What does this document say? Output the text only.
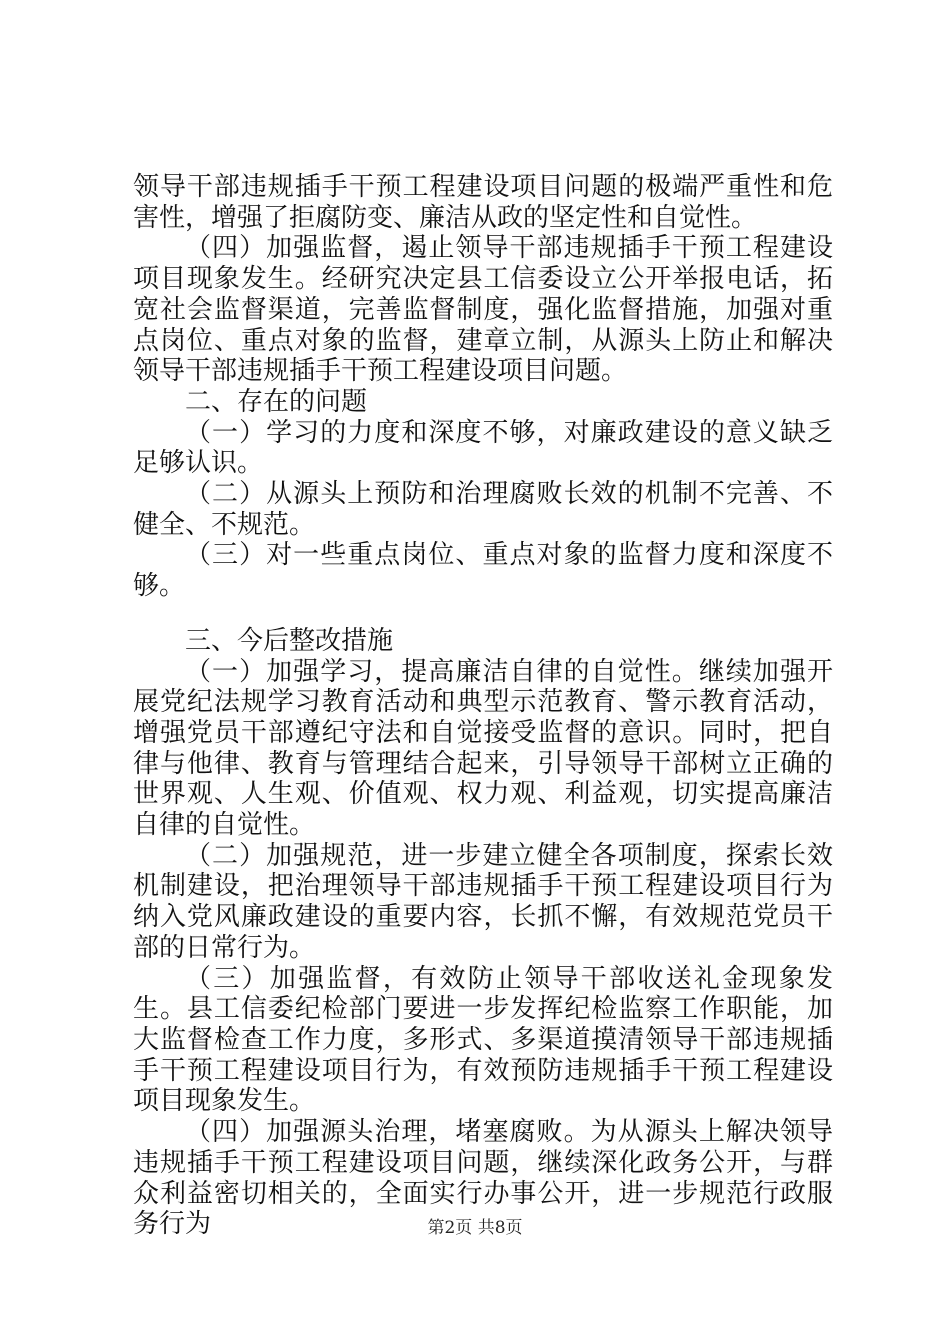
领导干部违规插手干预工程建设项目问题的极端严重性和危害性，增强了拒腐防变、廉洁从政的坚定性和自觉性。

（四）加强监督，遏止领导干部违规插手干预工程建设项目现象发生。经研究决定县工信委设立公开举报电话，拓宽社会监督渠道，完善监督制度，强化监督措施，加强对重点岗位、重点对象的监督，建章立制，从源头上防止和解决领导干部违规插手干预工程建设项目问题。

二、存在的问题

（一）学习的力度和深度不够，对廉政建设的意义缺乏足够认识。

（二）从源头上预防和治理腐败长效的机制不完善、不健全、不规范。

（三）对一些重点岗位、重点对象的监督力度和深度不够。

三、今后整改措施

（一）加强学习，提高廉洁自律的自觉性。继续加强开展党纪法规学习教育活动和典型示范教育、警示教育活动，增强党员干部遵纪守法和自觉接受监督的意识。同时，把自律与他律、教育与管理结合起来，引导领导干部树立正确的世界观、人生观、价值观、权力观、利益观，切实提高廉洁自律的自觉性。

（二）加强规范，进一步建立健全各项制度，探索长效机制建设，把治理领导干部违规插手干预工程建设项目行为纳入党风廉政建设的重要内容，长抓不懈，有效规范党员干部的日常行为。

（三）加强监督，有效防止领导干部收送礼金现象发生。县工信委纪检部门要进一步发挥纪检监察工作职能，加大监督检查工作力度，多形式、多渠道摸清领导干部违规插手干预工程建设项目行为，有效预防违规插手干预工程建设项目现象发生。

（四）加强源头治理，堵塞腐败。为从源头上解决领导违规插手干预工程建设项目问题，继续深化政务公开，与群众利益密切相关的，全面实行办事公开，进一步规范行政服务行为	第2页 共8页
